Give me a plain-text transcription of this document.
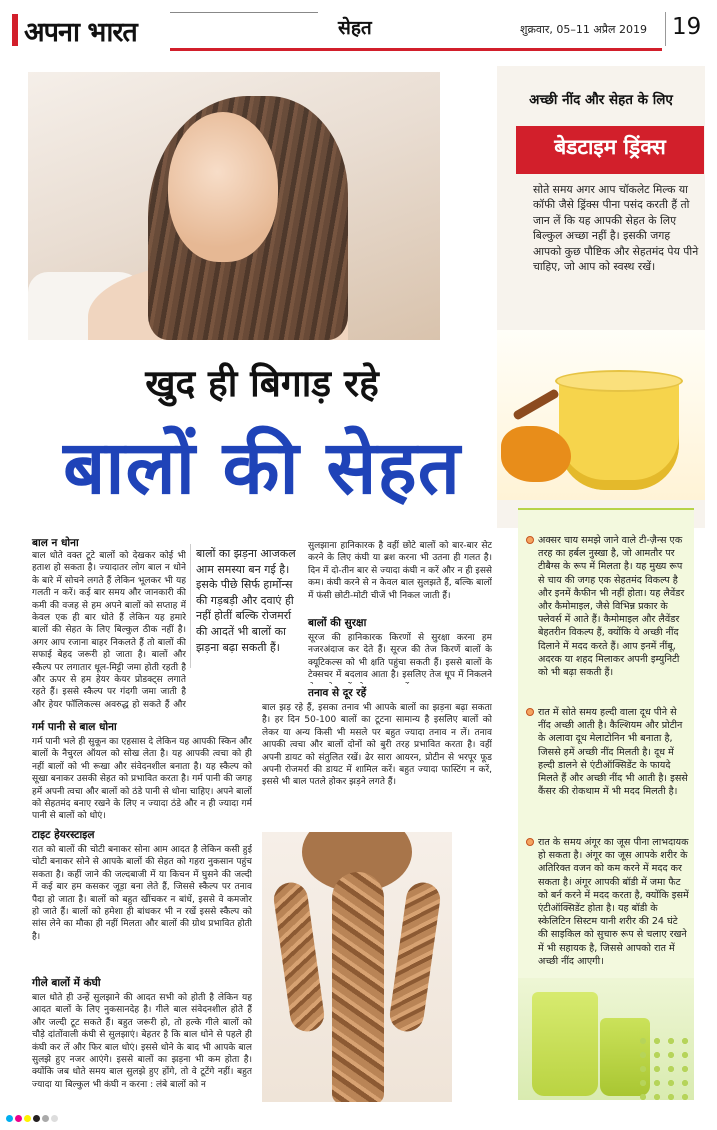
अपना भारत	सेहत	शुक्रवार, 05–11 अप्रैल 2019 19
अच्छी नींद और सेहत के लिए
बेडटाइम ड्रिंक्स
सोते समय अगर आप चॉकलेट मिल्क या कॉफी जैसे ड्रिंक्स पीना पसंद करती हैं तो जान लें कि यह आपकी सेहत के लिए बिल्कुल अच्छा नहीं है। इसकी जगह आपको कुछ पौष्टिक और सेहतमंद पेय पीने चाहिए, जो आप को स्वस्थ रखें।
खुद ही बिगाड़ रहे
बालों की सेहत
बाल न धोना
बाल धोते वक्त टूटे बालों को देखकर कोई भी हताश हो सकता है। ज्यादातर लोग बाल न धोने के बारे में सोचने लगते हैं लेकिन भूलकर भी यह गलती न करें। कई बार समय और जानकारी की कमी की वजह से हम अपने बालों को सप्ताह में केवल एक ही बार धोते हैं लेकिन यह हमारे बालों की सेहत के लिए बिल्कुल ठीक नहीं है। अगर आप रजाना बाहर निकलते हैं तो बालों की सफाई बेहद जरूरी हो जाता है। बालों और स्कैल्प पर लगातार धूल-मिट्टी जमा होती रहती है और ऊपर से हम हेयर केयर प्रोडक्ट्स लगाते रहते हैं। इससे स्कैल्प पर गंदगी जमा जाती है और हेयर फॉलिकल्स अवरुद्ध हो सकते हैं और
बालों का झड़ना आजकल आम समस्या बन गई है। इसके पीछे सिर्फ हार्मोन्स की गड़बड़ी और दवाएं ही नहीं होतीं बल्कि रोजमर्रा की आदतें भी बालों का झड़ना बढ़ा सकती हैं।
सुलझाना हानिकारक है वहीं छोटे बालों को बार-बार सेट करने के लिए कंघी या ब्रश करना भी उतना ही गलत है। दिन में दो-तीन बार से ज्यादा कंघी न करें और न ही इससे कम। कंघी करने से न केवल बाल सुलझते हैं, बल्कि बालों में फंसी छोटी-मोटी चीजें भी निकल जाती हैं।
बालों की सुरक्षा
सूरज की हानिकारक किरणों से सुरक्षा करना हम नजरअंदाज कर देते हैं। सूरज की तेज किरणें बालों के क्यूटिकल्स को भी क्षति पहुंचा सकती हैं। इससे बालों के टेक्सचर में बदलाव आता है। इसलिए तेज धूप में निकलने
तनाव से दूर रहें
बाल झड़ रहे हैं, इसका तनाव भी आपके बालों का झड़ना बढ़ा सकता है। हर दिन 50-100 बालों का टूटना सामान्य है इसलिए बालों को लेकर या अन्य किसी भी मसले पर बहुत ज्यादा तनाव न लें। तनाव आपकी त्वचा और बालों दोनों को बुरी तरह प्रभावित करता है। वहीं अपनी डायट को संतुलित रखें। ढेर सारा आयरन, प्रोटीन से भरपूर फूड अपनी रोजमर्रा की डायट में शामिल करें। बहुत ज्यादा फास्टिंग न करें, इससे भी बाल पतले होकर झड़ने लगते हैं।
गर्म पानी से बाल धोना
गर्म पानी भले ही सुकून का एहसास दे लेकिन यह आपकी स्किन और बालों के नैचुरल ऑयल को सोख लेता है। यह आपकी त्वचा को ही नहीं बालों को भी रूखा और संवेदनशील बनाता है। यह स्कैल्प को सूखा बनाकर उसकी सेहत को प्रभावित करता है। गर्म पानी की जगह हमें अपनी त्वचा और बालों को ठंडे पानी से धोना चाहिए। अपने बालों को सेहतमंद बनाए रखने के लिए न ज्यादा ठंडे और न ही ज्यादा गर्म पानी से बालों को धोएं।
टाइट हेयरस्टाइल
रात को बालों की चोटी बनाकर सोना आम आदत है लेकिन कसी हुई चोटी बनाकर सोने से आपके बालों की सेहत को गहरा नुकसान पहुंच सकता है। कहीं जाने की जल्दबाजी में या किचन में घुसने की जल्दी में कई बार हम कसकर जूड़ा बना लेते हैं, जिससे स्कैल्प पर तनाव पैदा हो जाता है। बालों को बहुत खींचकर न बांधें, इससे वे कमजोर हो जाते हैं। बालों को हमेशा ही बांधकर भी न रखें इससे स्कैल्प को सांस लेने का मौका ही नहीं मिलता और बालों की ग्रोथ प्रभावित होती है।
गीले बालों में कंघी
बाल धोते ही उन्हें सुलझाने की आदत सभी को होती है लेकिन यह आदत बालों के लिए नुकसानदेह है। गीले बाल संवेदनशील होते हैं और जल्दी टूट सकते हैं। बहुत जरूरी हो, तो हल्के गीले बालों को चौड़े दांतोंवाली कंघी से सुलझाएं। बेहतर है कि बाल धोने से पहले ही कंघी कर लें और फिर बाल धोएं। इससे धोने के बाद भी आपके बाल सुलझे हुए नजर आएंगे। इससे बालों का झड़ना भी कम होता है। क्योंकि जब धोते समय बाल सुलझे हुए होंगे, तो वे टूटेंगे नहीं। बहुत ज्यादा या बिल्कुल भी कंघी न करना : लंबे बालों को न
अक्सर चाय समझे जाने वाले टी-ज़ैन्स एक तरह का हर्बल नुस्खा है, जो आमतौर पर टीबैग्स के रूप में मिलता है। यह मुख्य रूप से चाय की जगह एक सेहतमंद विकल्प है और इनमें कैफीन भी नहीं होता। यह लैवेंडर और कैमोमाइल, जैसे विभिन्न प्रकार के फ्लेवर्स में आते हैं। कैमोमाइल और लैवेंडर बेहतरीन विकल्प हैं, क्योंकि ये अच्छी नींद दिलाने में मदद करते हैं। आप इनमें नींबू, अदरक या शहद मिलाकर अपनी इम्युनिटी को भी बढ़ा सकती हैं।
रात में सोते समय हल्दी वाला दूध पीने से नींद अच्छी आती है। कैल्शियम और प्रोटीन के अलावा दूध मेलाटोनिन भी बनाता है, जिससे हमें अच्छी नींद मिलती है। दूध में हल्दी डालने से एंटीऑक्सिडेंट के फायदे मिलते हैं और अच्छी नींद भी आती है। इससे कैंसर की रोकथाम में भी मदद मिलती है।
रात के समय अंगूर का जूस पीना लाभदायक हो सकता है। अंगूर का जूस आपके शरीर के अतिरिक्त वजन को कम करने में मदद कर सकता है। अंगूर आपकी बॉडी में जमा फैट को बर्न करने में मदद करता है, क्योंकि इसमें एंटीऑक्सिडेंट होता है। यह बॉडी के स्केलिटिन सिस्टम यानी शरीर की 24 घंटे की साइकिल को सुचारु रूप से चलाए रखने में भी सहायक है, जिससे आपको रात में अच्छी नींद आएगी।
